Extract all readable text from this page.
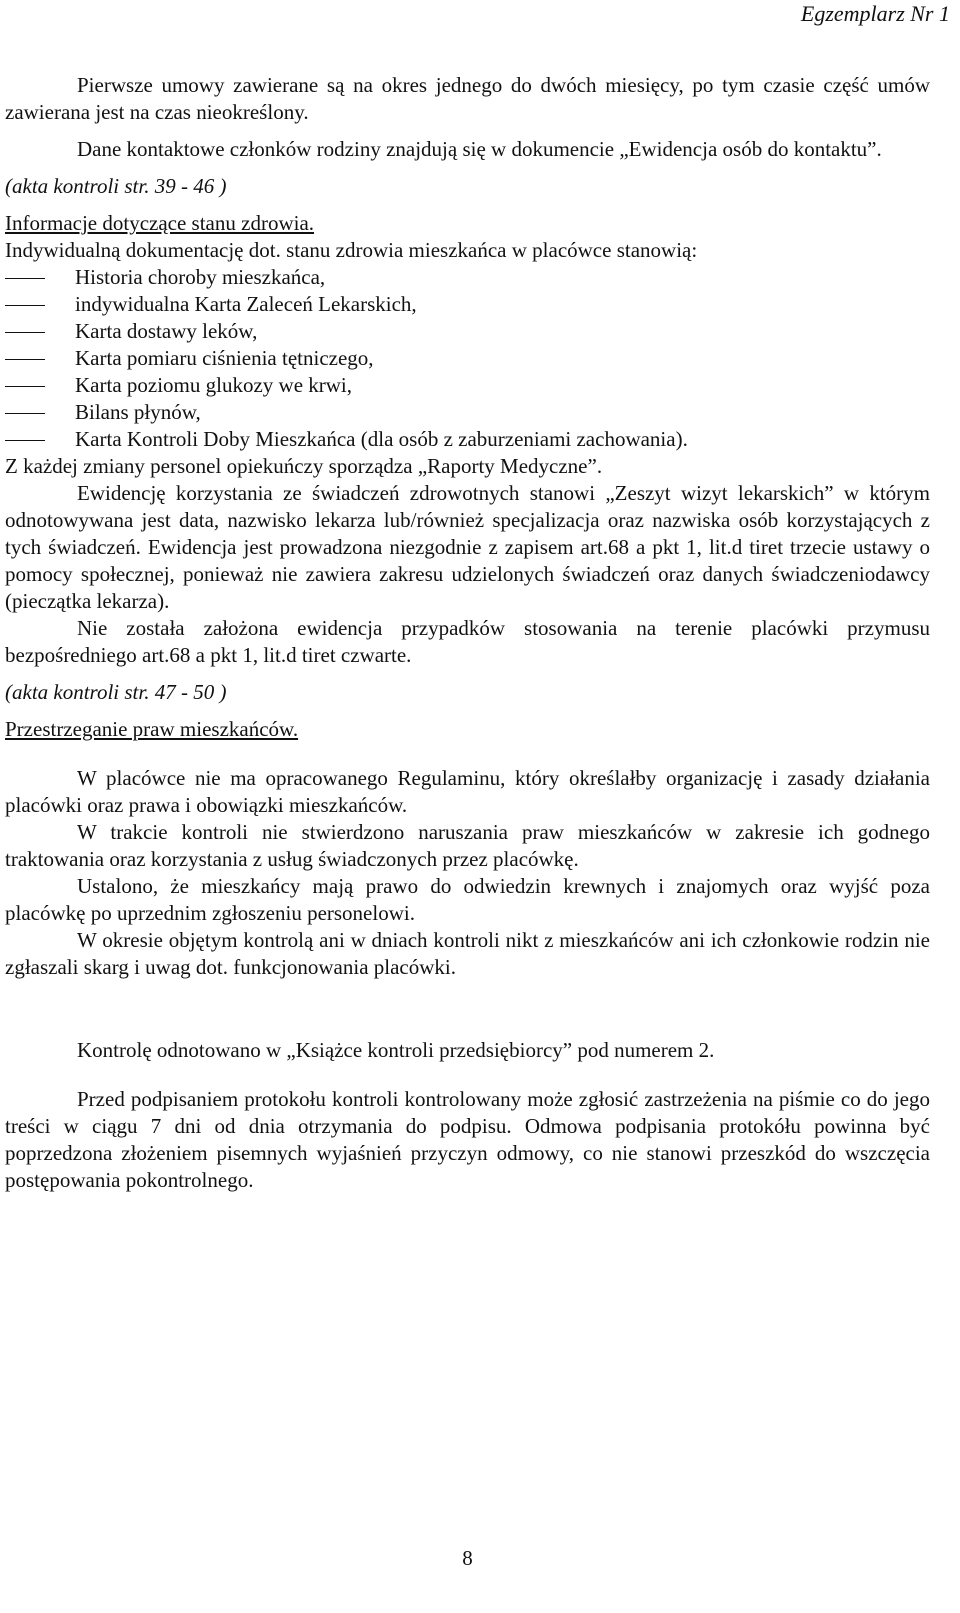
Egzemplarz Nr 1

Pierwsze umowy zawierane są na okres jednego do dwóch miesięcy, po tym czasie część umów zawierana jest na czas nieokreślony.

Dane kontaktowe członków rodziny znajdują się w dokumencie „Ewidencja osób do kontaktu”.

(akta kontroli str. 39 - 46 )

Informacje dotyczące stanu zdrowia.

Indywidualną dokumentację dot. stanu zdrowia mieszkańca w placówce stanowią:

Historia choroby mieszkańca,
indywidualna Karta Zaleceń Lekarskich,
Karta dostawy leków,
Karta pomiaru ciśnienia tętniczego,
Karta poziomu glukozy we krwi,
Bilans płynów,
Karta Kontroli Doby Mieszkańca (dla osób z zaburzeniami zachowania).

Z każdej zmiany personel opiekuńczy sporządza „Raporty Medyczne”.

Ewidencję korzystania ze świadczeń zdrowotnych stanowi „Zeszyt wizyt lekarskich” w którym odnotowywana jest data, nazwisko lekarza lub/również specjalizacja oraz nazwiska osób korzystających z tych świadczeń. Ewidencja jest prowadzona niezgodnie z zapisem art.68 a pkt 1, lit.d tiret trzecie ustawy o pomocy społecznej, ponieważ nie zawiera zakresu udzielonych świadczeń oraz danych świadczeniodawcy (pieczątka lekarza).

Nie została założona ewidencja przypadków stosowania na terenie placówki przymusu bezpośredniego art.68 a pkt 1, lit.d tiret czwarte.

(akta kontroli str. 47 - 50 )

Przestrzeganie praw mieszkańców.

W placówce nie ma opracowanego Regulaminu, który określałby organizację i zasady działania placówki oraz prawa i obowiązki mieszkańców.

W trakcie kontroli nie stwierdzono naruszania praw mieszkańców w zakresie ich godnego traktowania oraz korzystania z usług świadczonych przez placówkę.

Ustalono, że mieszkańcy mają prawo do odwiedzin krewnych i znajomych oraz wyjść poza placówkę po uprzednim zgłoszeniu personelowi.

W okresie objętym kontrolą ani w dniach kontroli nikt z mieszkańców ani ich członkowie rodzin nie zgłaszali skarg i uwag dot. funkcjonowania placówki.

Kontrolę odnotowano w „Książce kontroli przedsiębiorcy” pod numerem 2.

Przed podpisaniem protokołu kontroli kontrolowany może zgłosić zastrzeżenia na piśmie co do jego treści w ciągu 7 dni od dnia otrzymania do podpisu. Odmowa podpisania protokółu powinna być poprzedzona złożeniem pisemnych wyjaśnień przyczyn odmowy, co nie stanowi przeszkód do wszczęcia postępowania pokontrolnego.

8
